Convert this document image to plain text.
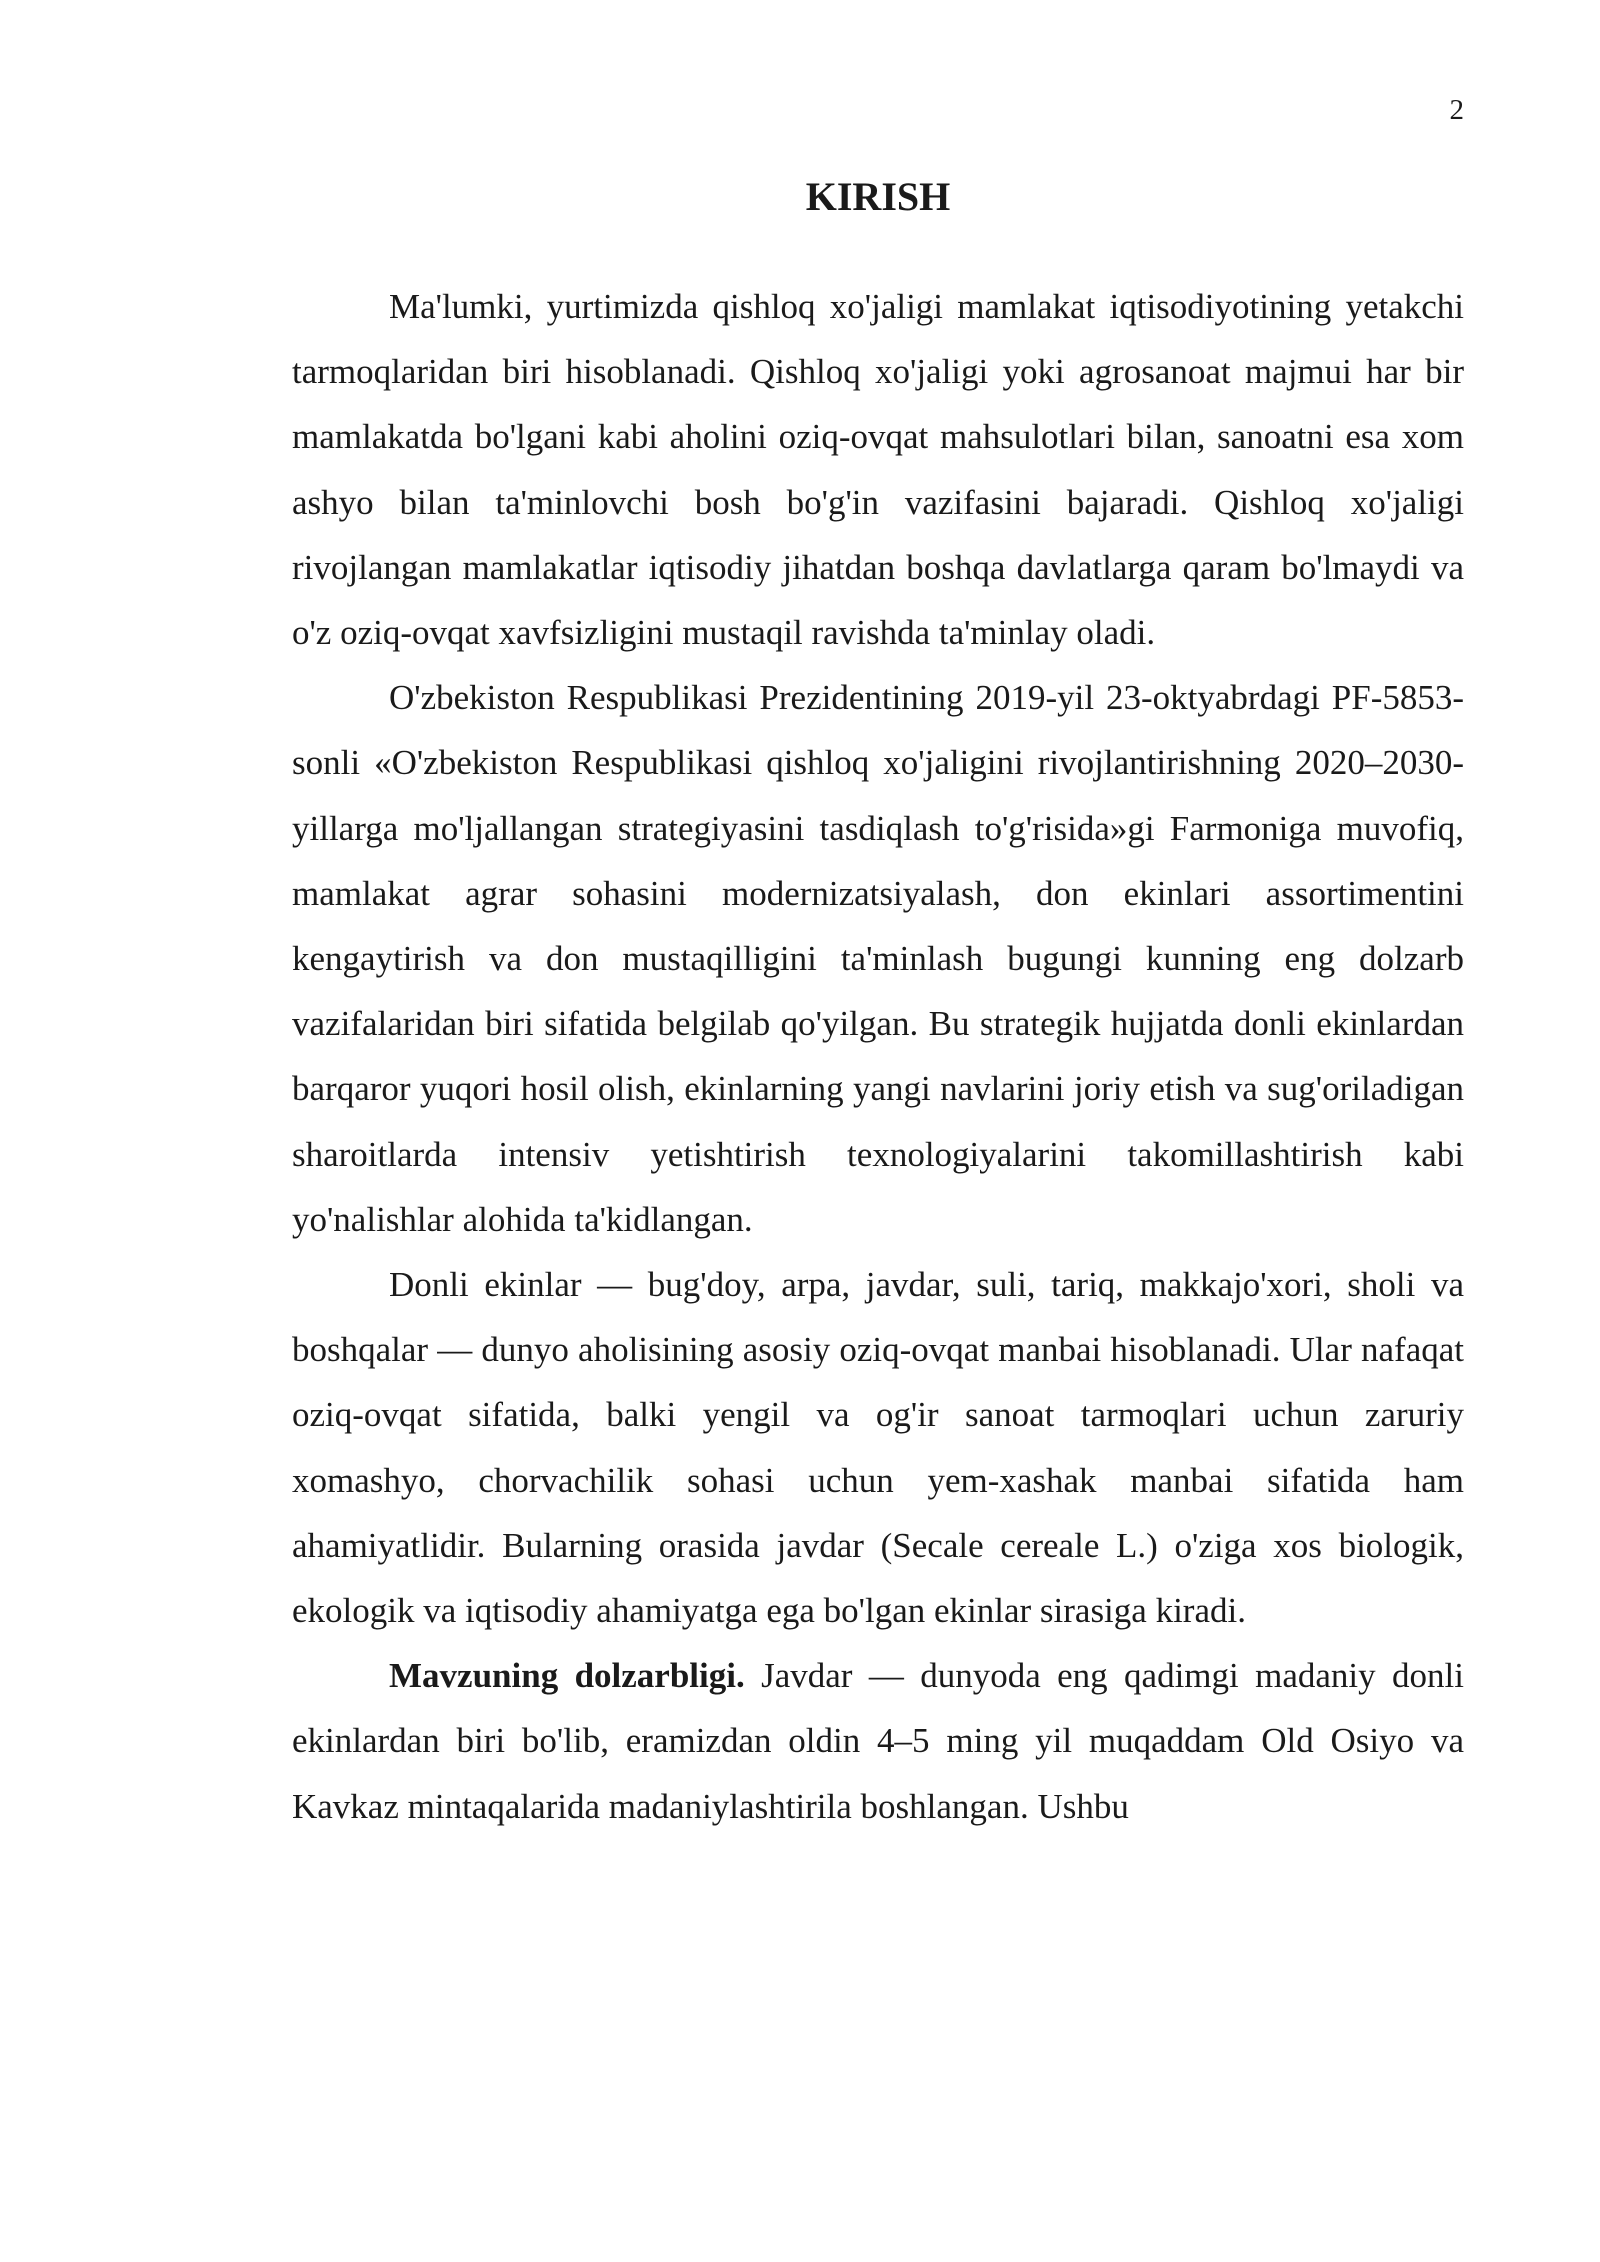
2
KIRISH

Ma'lumki, yurtimizda qishloq xo'jaligi mamlakat iqtisodiyotining yetakchi tarmoqlaridan biri hisoblanadi. Qishloq xo'jaligi yoki agrosanoat majmui har bir mamlakatda bo'lgani kabi aholini oziq-ovqat mahsulotlari bilan, sanoatni esa xom ashyo bilan ta'minlovchi bosh bo'g'in vazifasini bajaradi. Qishloq xo'jaligi rivojlangan mamlakatlar iqtisodiy jihatdan boshqa davlatlarga qaram bo'lmaydi va o'z oziq-ovqat xavfsizligini mustaqil ravishda ta'minlay oladi.

O'zbekiston Respublikasi Prezidentining 2019-yil 23-oktyabrdagi PF-5853-sonli «O'zbekiston Respublikasi qishloq xo'jaligini rivojlantirishning 2020–2030-yillarga mo'ljallangan strategiyasini tasdiqlash to'g'risida»gi Farmoniga muvofiq, mamlakat agrar sohasini modernizatsiyalash, don ekinlari assortimentini kengaytirish va don mustaqilligini ta'minlash bugungi kunning eng dolzarb vazifalaridan biri sifatida belgilab qo'yilgan. Bu strategik hujjatda donli ekinlardan barqaror yuqori hosil olish, ekinlarning yangi navlarini joriy etish va sug'oriladigan sharoitlarda intensiv yetishtirish texnologiyalarini takomillashtirish kabi yo'nalishlar alohida ta'kidlangan.

Donli ekinlar — bug'doy, arpa, javdar, suli, tariq, makkajo'xori, sholi va boshqalar — dunyo aholisining asosiy oziq-ovqat manbai hisoblanadi. Ular nafaqat oziq-ovqat sifatida, balki yengil va og'ir sanoat tarmoqlari uchun zaruriy xomashyo, chorvachilik sohasi uchun yem-xashak manbai sifatida ham ahamiyatlidir. Bularning orasida javdar (Secale cereale L.) o'ziga xos biologik, ekologik va iqtisodiy ahamiyatga ega bo'lgan ekinlar sirasiga kiradi.

Mavzuning dolzarbligi. Javdar — dunyoda eng qadimgi madaniy donli ekinlardan biri bo'lib, eramizdan oldin 4–5 ming yil muqaddam Old Osiyo va Kavkaz mintaqalarida madaniylashtirila boshlangan. Ushbu
